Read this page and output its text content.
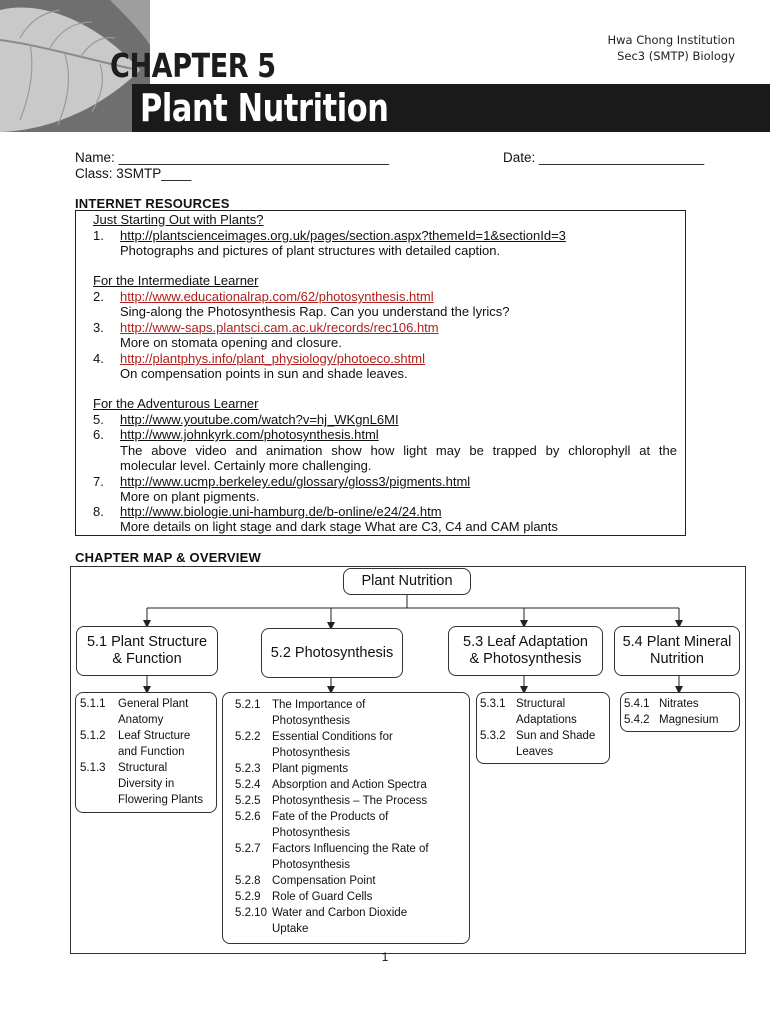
CHAPTER 5
Plant Nutrition
Hwa Chong Institution
Sec3 (SMTP) Biology
Name: ____________________________________	Date: ______________________
Class: 3SMTP____
INTERNET RESOURCES
Just Starting Out with Plants?
1. http://plantscienceimages.org.uk/pages/section.aspx?themeId=1&sectionId=3
Photographs and pictures of plant structures with detailed caption.
For the Intermediate Learner
2. http://www.educationalrap.com/62/photosynthesis.html
Sing-along the Photosynthesis Rap. Can you understand the lyrics?
3. http://www-saps.plantsci.cam.ac.uk/records/rec106.htm
More on stomata opening and closure.
4. http://plantphys.info/plant_physiology/photoeco.shtml
On compensation points in sun and shade leaves.
For the Adventurous Learner
5. http://www.youtube.com/watch?v=hj_WKgnL6MI
6. http://www.johnkyrk.com/photosynthesis.html
The above video and animation show how light may be trapped by chlorophyll at the
molecular level. Certainly more challenging.
7. http://www.ucmp.berkeley.edu/glossary/gloss3/pigments.html
More on plant pigments.
8. http://www.biologie.uni-hamburg.de/b-online/e24/24.htm
More details on light stage and dark stage What are C3, C4 and CAM plants
CHAPTER MAP & OVERVIEW
Plant Nutrition
5.1 Plant Structure
& Function	5.2 Photosynthesis
5.3 Leaf Adaptation
& Photosynthesis
5.4 Plant Mineral
Nutrition
5.1.1	General Plant
Anatomy
5.1.2	Leaf Structure
and Function
5.1.3	Structural
Diversity in
Flowering Plants
5.2.1 The Importance of
Photosynthesis
5.2.2 Essential Conditions for
Photosynthesis
5.2.3 Plant pigments
5.2.4 Absorption and Action Spectra
5.2.5 Photosynthesis – The Process
5.2.6 Fate of the Products of
Photosynthesis
5.2.7 Factors Influencing the Rate of
Photosynthesis
5.2.8 Compensation Point
5.2.9 Role of Guard Cells
5.2.10 Water and Carbon Dioxide
Uptake
5.3.1 Structural
Adaptations
5.3.2 Sun and Shade
Leaves
5.4.1 Nitrates
5.4.2 Magnesium
1
